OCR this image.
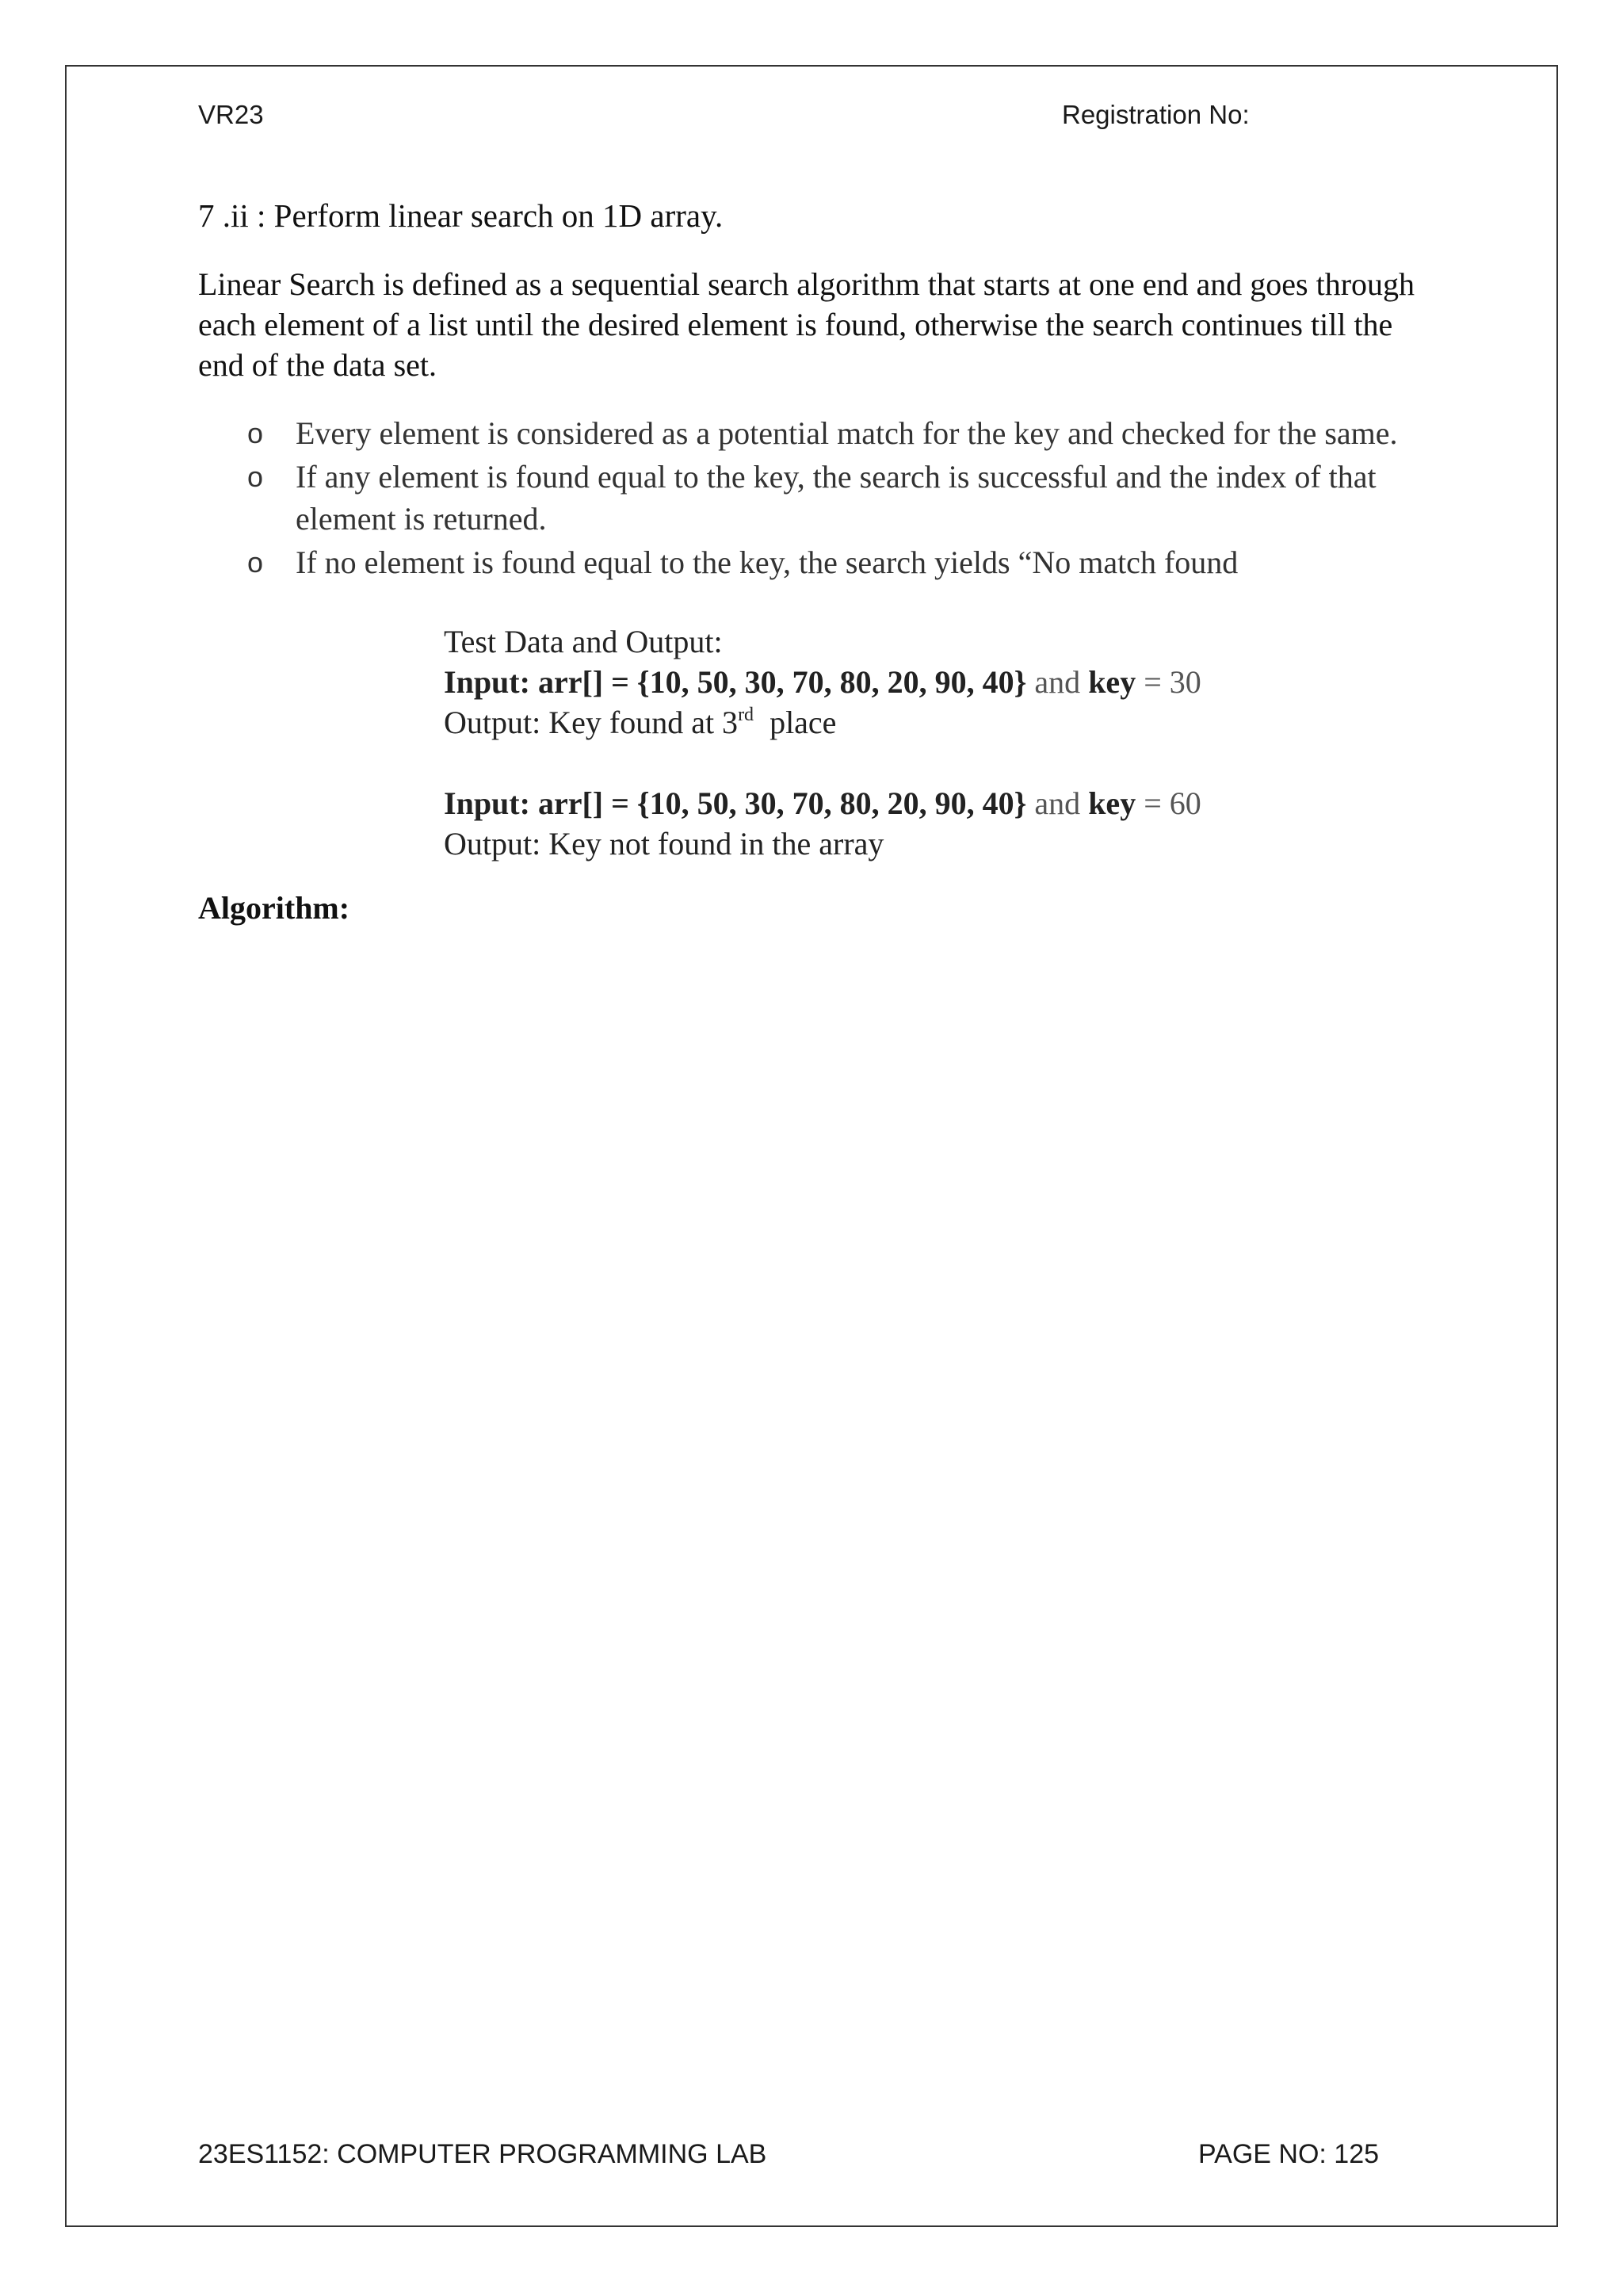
VR23	Registration No:
7 .ii : Perform linear search on 1D array.
Linear Search is defined as a sequential search algorithm that starts at one end and goes through each element of a list until the desired element is found, otherwise the search continues till the end of the data set.
o Every element is considered as a potential match for the key and checked for the same.
o If any element is found equal to the key, the search is successful and the index of that element is returned.
o If no element is found equal to the key, the search yields “No match found
Test Data and Output:
Input: arr[] = {10, 50, 30, 70, 80, 20, 90, 40} and key = 30
Output: Key found at 3rd  place
Input: arr[] = {10, 50, 30, 70, 80, 20, 90, 40} and key = 60
Output: Key not found in the array
Algorithm:
23ES1152: COMPUTER PROGRAMMING LAB	PAGE NO: 125
